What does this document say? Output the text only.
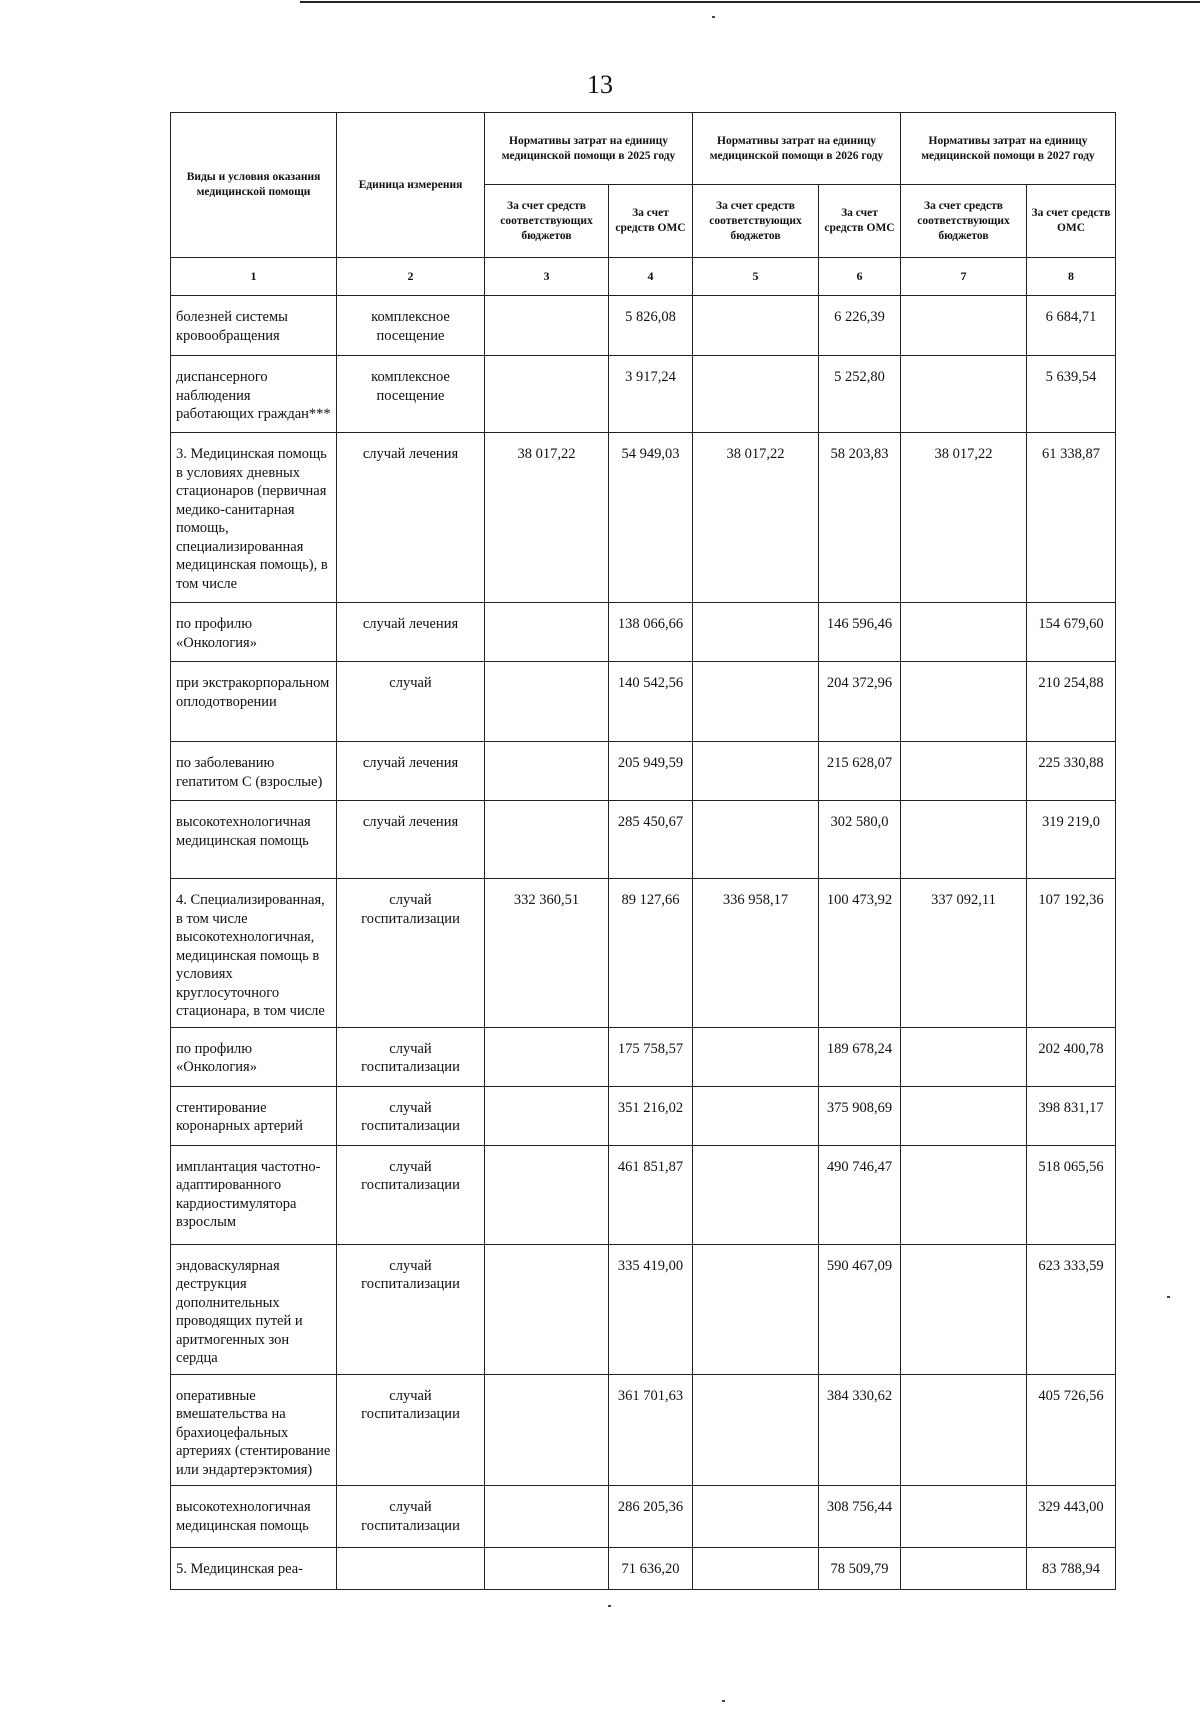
13
Виды и условия оказания медицинской помощи	Единица измерения	Нормативы затрат на единицу медицинской помощи в 2025 году		Нормативы затрат на единицу медицинской помощи в 2026 году		Нормативы затрат на единицу медицинской помощи в 2027 году	
		За счет средств соответствующих бюджетов	За счет средств ОМС	За счет средств соответствующих бюджетов	За счет средств ОМС	За счет средств соответствующих бюджетов	За счет средств ОМС
1	2	3	4	5	6	7	8
болезней системы кровообращения	комплексное посещение		5 826,08		6 226,39		6 684,71
диспансерного наблюдения работающих граждан***	комплексное посещение		3 917,24		5 252,80		5 639,54
3. Медицинская помощь в условиях дневных стационаров (первичная медико-санитарная помощь, специализированная медицинская помощь), в том числе	случай лечения	38 017,22	54 949,03	38 017,22	58 203,83	38 017,22	61 338,87
по профилю «Онкология»	случай лечения		138 066,66		146 596,46		154 679,60
при экстракорпоральном оплодотворении	случай		140 542,56		204 372,96		210 254,88
по заболеванию гепатитом С (взрослые)	случай лечения		205 949,59		215 628,07		225 330,88
высокотехнологичная медицинская помощь	случай лечения		285 450,67		302 580,0		319 219,0
4. Специализированная, в том числе высокотехнологичная, медицинская помощь в условиях круглосуточного стационара, в том числе	случай госпитализации	332 360,51	89 127,66	336 958,17	100 473,92	337 092,11	107 192,36
по профилю «Онкология»	случай госпитализации		175 758,57		189 678,24		202 400,78
стентирование коронарных артерий	случай госпитализации		351 216,02		375 908,69		398 831,17
имплантация частотно-адаптированного кардиостимулятора взрослым	случай госпитализации		461 851,87		490 746,47		518 065,56
эндоваскулярная деструкция дополнительных проводящих путей и аритмогенных зон сердца	случай госпитализации		335 419,00		590 467,09		623 333,59
оперативные вмешательства на брахиоцефальных артериях (стентирование или эндартерэктомия)	случай госпитализации		361 701,63		384 330,62		405 726,56
высокотехнологичная медицинская помощь	случай госпитализации		286 205,36		308 756,44		329 443,00
5. Медицинская реа-			71 636,20		78 509,79		83 788,94
